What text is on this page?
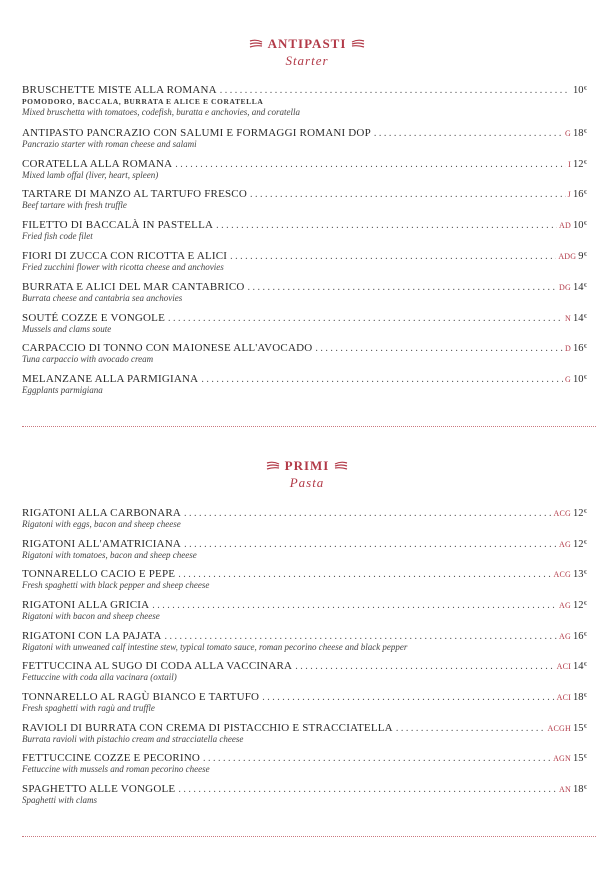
ANTIPASTI
Starter
BRUSCHETTE MISTE ALLA ROMANA . . .	10€
POMODORO, BACCALA, BURRATA E ALICE E CORATELLA
Mixed bruschetta with tomatoes, codefish, buratta e anchovies, and coratella
ANTIPASTO PANCRAZIO CON SALUMI E FORMAGGI ROMANI DOP . . .	G 18€
Pancrazio starter with roman cheese and salami
CORATELLA ALLA ROMANA . . .	I 12€
Mixed lamb offal (liver, heart, spleen)
TARTARE DI MANZO AL TARTUFO FRESCO . . .	J 16€
Beef tartare with fresh truffle
FILETTO DI BACCALÀ IN PASTELLA . . .	AD 10€
Fried fish code filet
FIORI DI ZUCCA CON RICOTTA E ALICI . . .	ADG 9€
Fried zucchini flower with ricotta cheese and anchovies
BURRATA E ALICI DEL MAR CANTABRICO . . .	DG 14€
Burrata cheese and cantabria sea anchovies
SOUTÉ COZZE E VONGOLE . . .	N 14€
Mussels and clams soute
CARPACCIO DI TONNO CON MAIONESE ALL'AVOCADO . . .	D 16€
Tuna carpaccio with avocado cream
MELANZANE ALLA PARMIGIANA . . .	G 10€
Eggplants parmigiana
PRIMI
Pasta
RIGATONI ALLA CARBONARA . . .	ACG 12€
Rigatoni with eggs, bacon and sheep cheese
RIGATONI ALL'AMATRICIANA . . .	AG 12€
Rigatoni with tomatoes, bacon and sheep cheese
TONNARELLO CACIO E PEPE . . .	ACG 13€
Fresh spaghetti with black pepper and sheep cheese
RIGATONI ALLA GRICIA . . .	AG 12€
Rigatoni with bacon and sheep cheese
RIGATONI CON LA PAJATA . . .	AG 16€
Rigatoni with unweaned calf intestine stew, typical tomato sauce, roman pecorino cheese and black pepper
FETTUCCINA AL SUGO DI CODA ALLA VACCINARA . . .	ACI 14€
Fettuccine with coda alla vacinara (oxtail)
TONNARELLO AL RAGÙ BIANCO E TARTUFO . . .	ACI 18€
Fresh spaghetti with ragù and truffle
RAVIOLI DI BURRATA CON CREMA DI PISTACCHIO E STRACCIATELLA . . .	ACGH 15€
Burrata ravioli with pistachio cream and stracciatella cheese
FETTUCCINE COZZE E PECORINO . . .	AGN 15€
Fettuccine with mussels and roman pecorino cheese
SPAGHETTO ALLE VONGOLE . . .	AN 18€
Spaghetti with clams
